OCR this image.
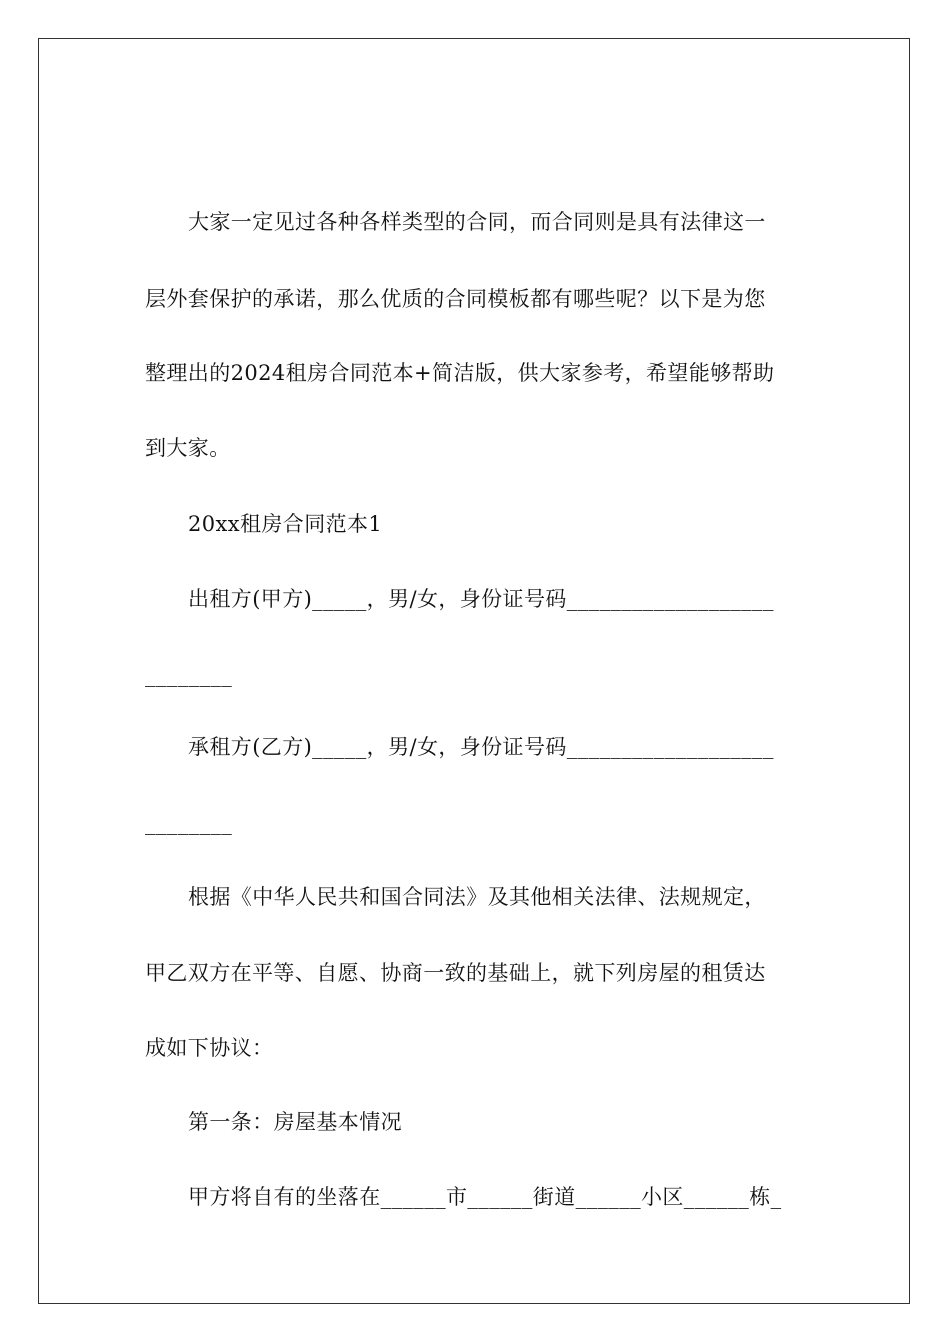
大家一定见过各种各样类型的合同，而合同则是具有法律这一
层外套保护的承诺，那么优质的合同模板都有哪些呢？以下是为您
整理出的2024租房合同范本+简洁版，供大家参考，希望能够帮助
到大家。
20xx租房合同范本1
出租方(甲方)_____，男/女，身份证号码___________________
________
承租方(乙方)_____，男/女，身份证号码___________________
________
根据《中华人民共和国合同法》及其他相关法律、法规规定，
甲乙双方在平等、自愿、协商一致的基础上，就下列房屋的租赁达
成如下协议：
第一条：房屋基本情况
甲方将自有的坐落在______市______街道______小区______栋_
